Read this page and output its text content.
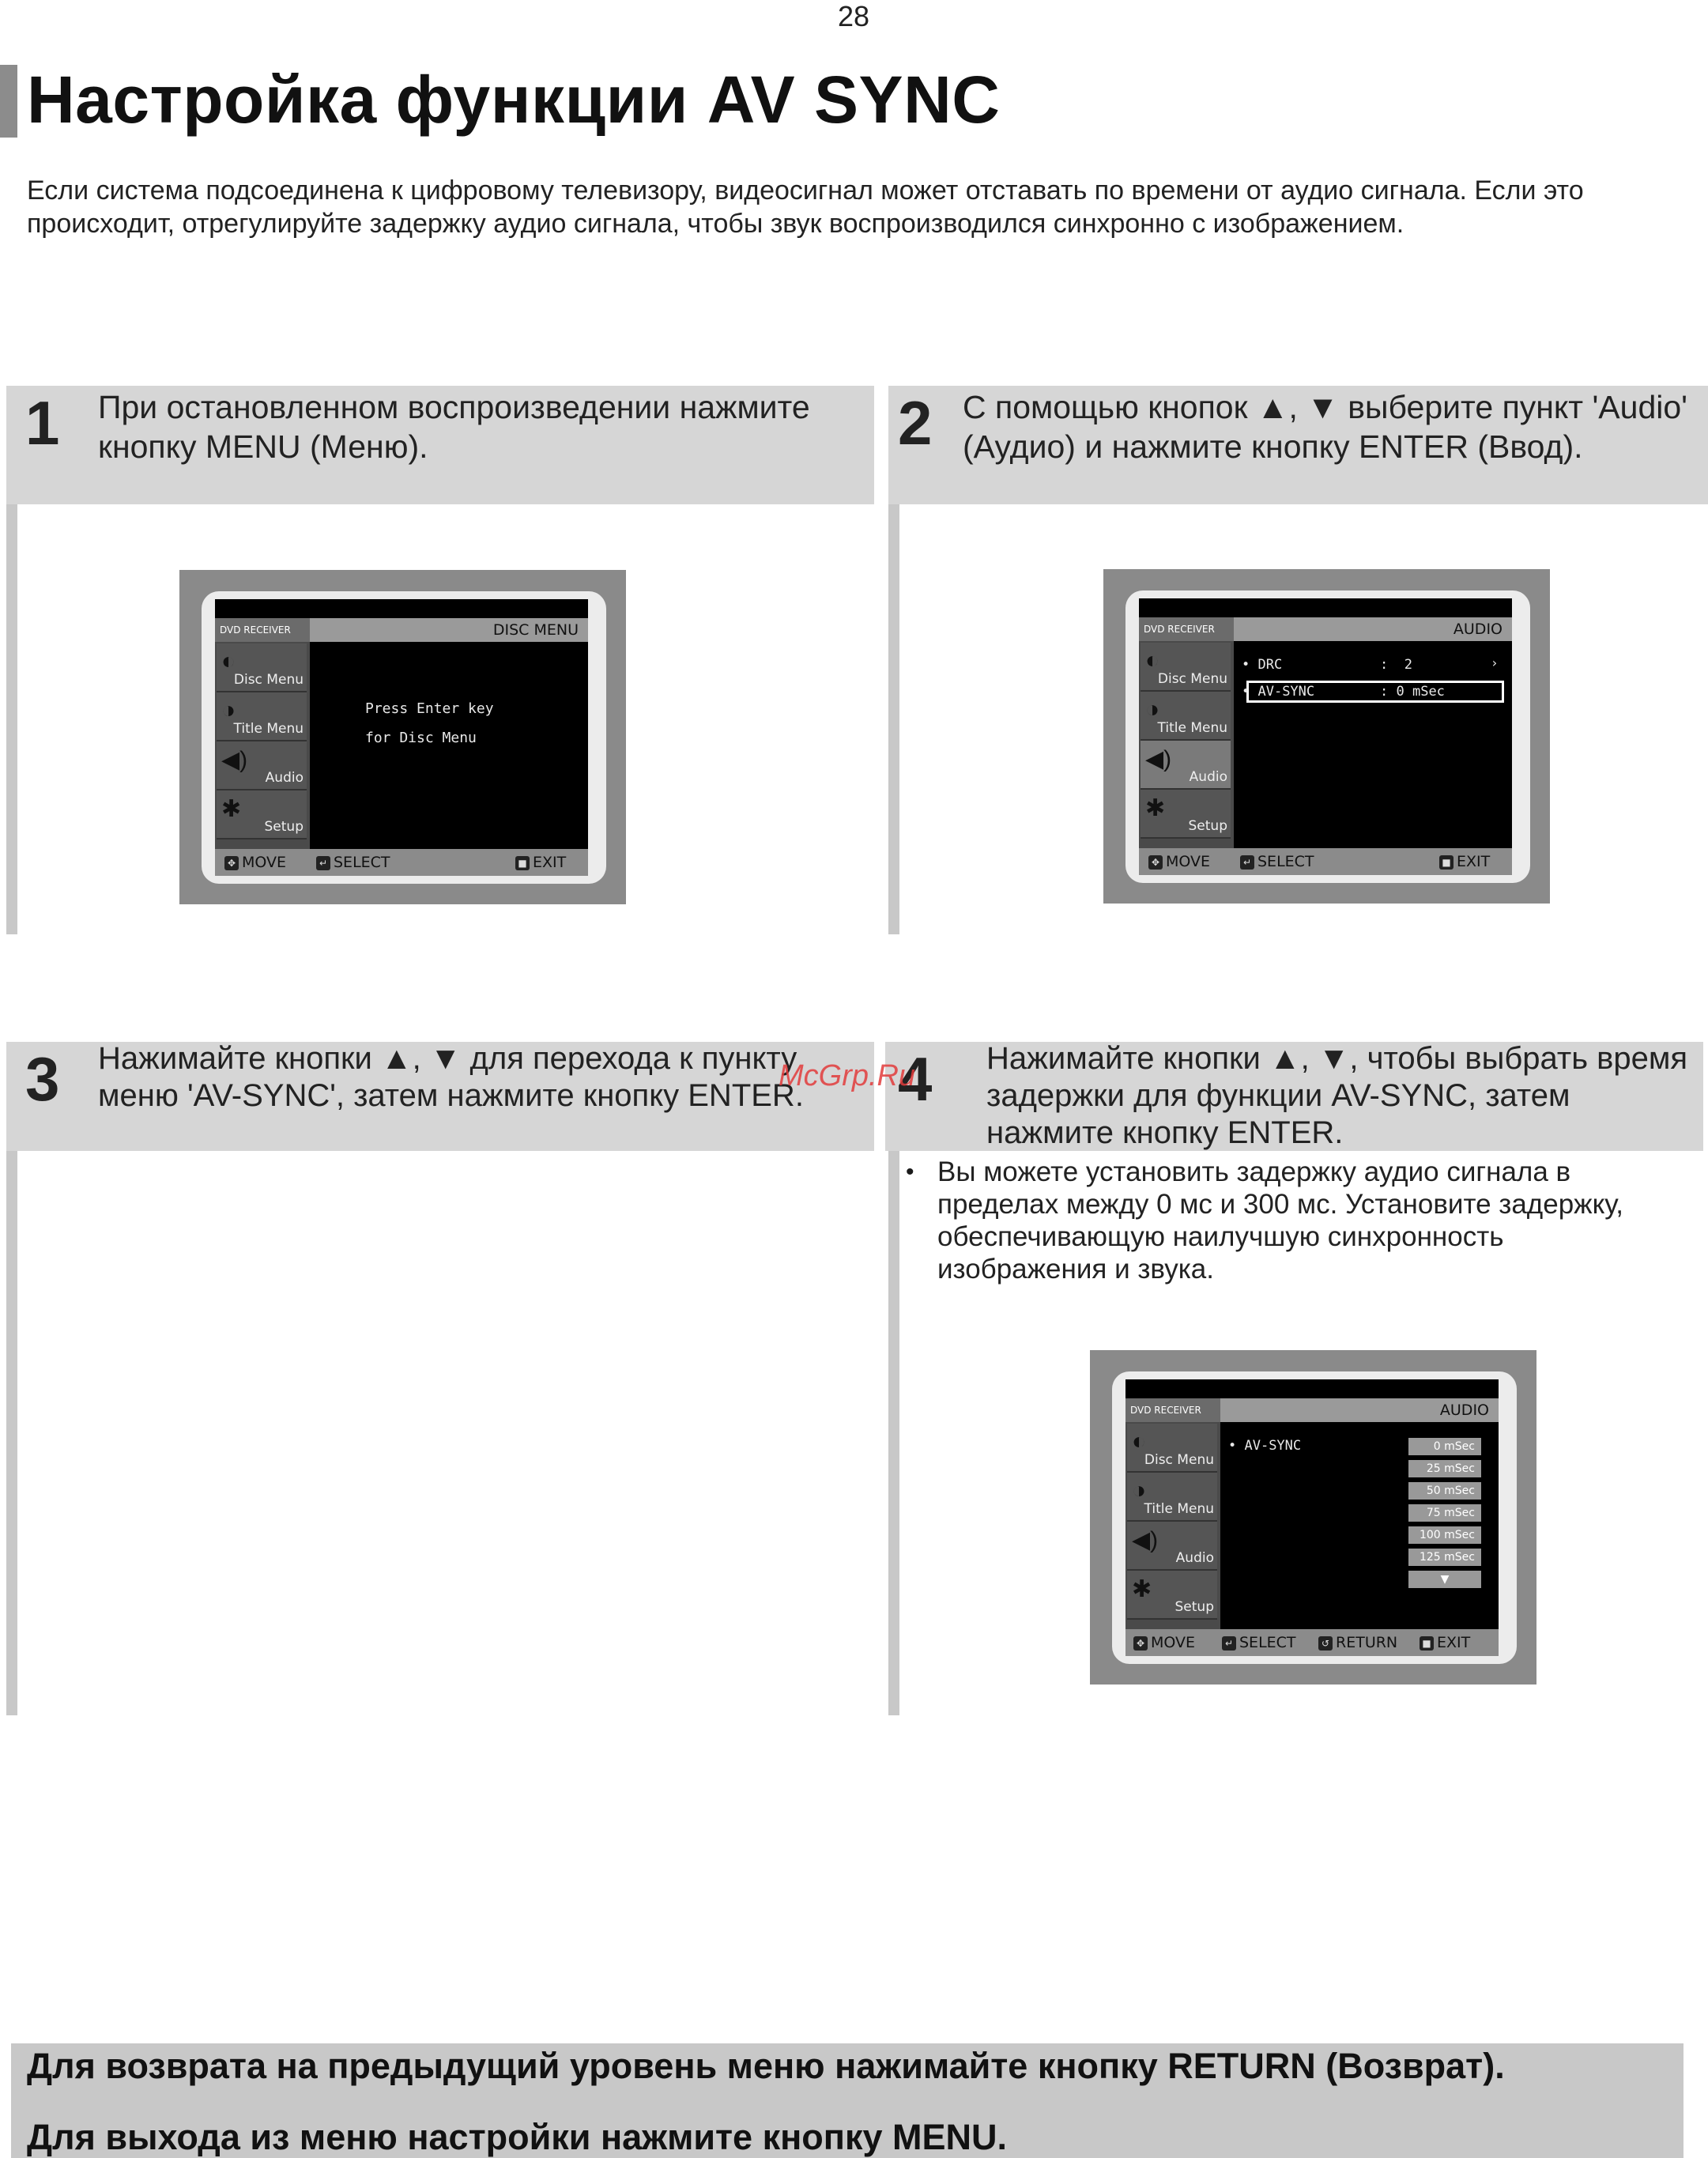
28
Настройка функции AV SYNC
Если система подсоединена к цифровому телевизору, видеосигнал может отставать по времени от аудио сигнала. Если это происходит, отрегулируйте задержку аудио сигнала, чтобы звук воспроизводился синхронно с изображением.
1 При остановленном воспроизведении нажмите кнопку MENU (Меню).
DISC MENU
DVD RECEIVER
◐
Disc Menu
◑
Title Menu
◀)
Audio
✱
Setup
Press Enter key
for Disc Menu
✥ MOVE	↵ SELECT	■ EXIT
2 С помощью кнопок ▲, ▼ выберите пункт 'Audio' (Аудио) и нажмите кнопку ENTER (Ввод).
AUDIO
DVD RECEIVER
◐
Disc Menu
◑
Title Menu
◀)
Audio
✱
Setup
• DRC	: 2	›
• AV-SYNC	: 0 mSec
✥ MOVE	↵ SELECT	■ EXIT
3 Нажимайте кнопки ▲, ▼ для перехода к пункту меню 'AV-SYNC', затем нажмите кнопку ENTER.	4 Нажимайте кнопки ▲, ▼, чтобы выбрать время задержки для функции AV-SYNC, затем нажмите кнопку ENTER.
• Вы можете установить задержку аудио сигнала в пределах между 0 мс и 300 мс. Установите задержку, обеспечивающую наилучшую синхронность изображения и звука.
AUDIO
DVD RECEIVER
◐
Disc Menu
◑
Title Menu
◀)
Audio
✱
Setup
• AV-SYNC	0 mSec
25 mSec
50 mSec
75 mSec
100 mSec
125 mSec
▼
✥ MOVE	↵ SELECT	↺ RETURN	■ EXIT
McGrp.Ru
Для возврата на предыдущий уровень меню нажимайте кнопку RETURN (Возврат).
Для выхода из меню настройки нажмите кнопку MENU.
